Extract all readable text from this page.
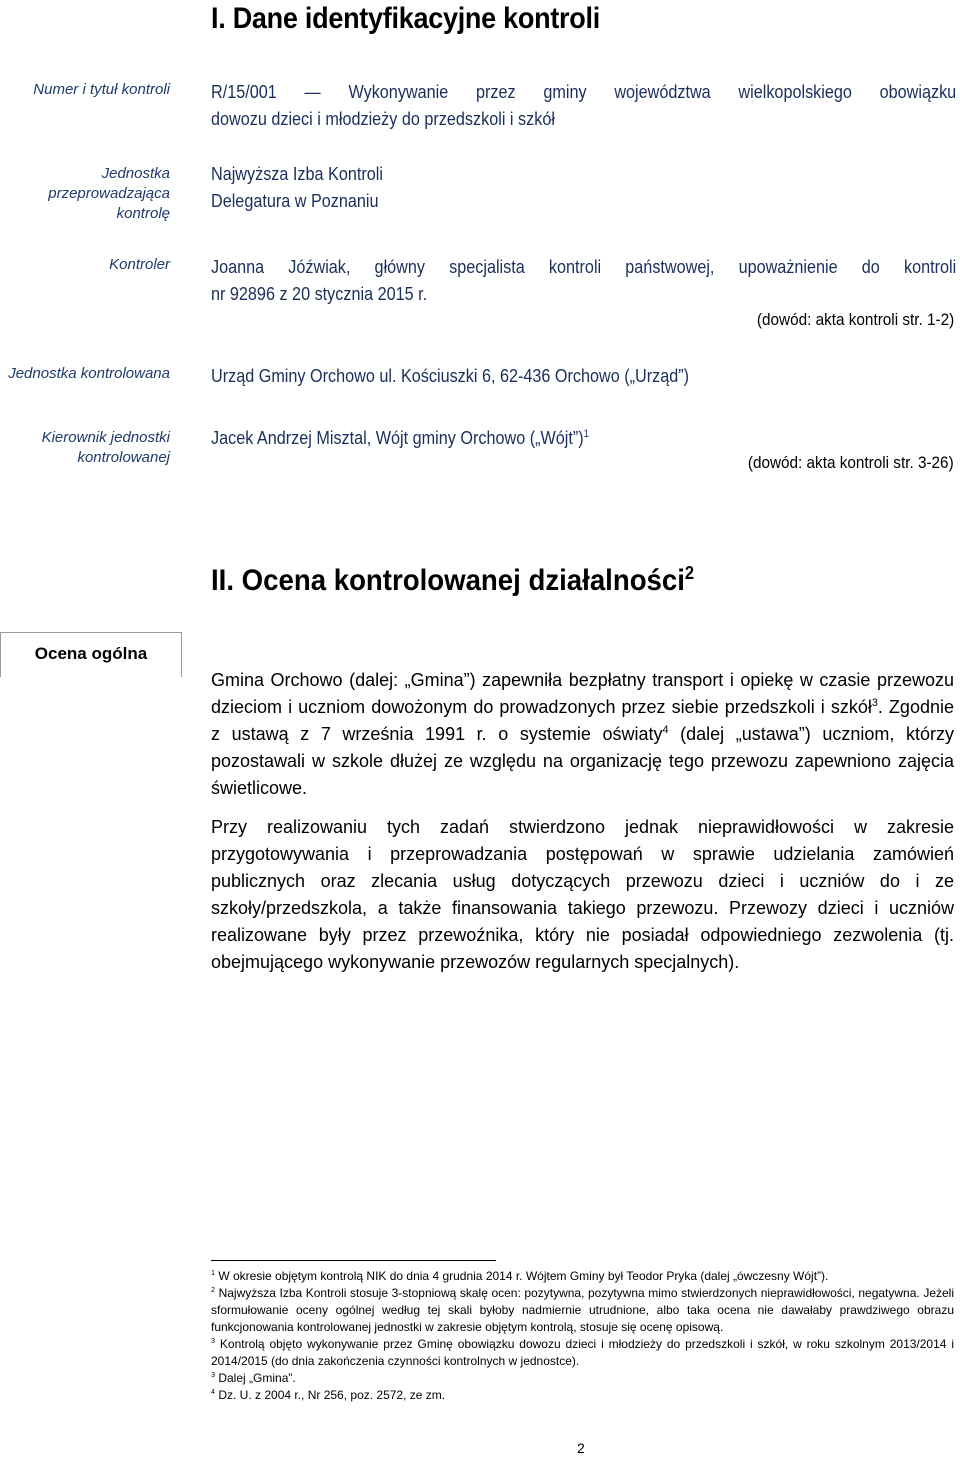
I. Dane identyfikacyjne kontroli
Numer i tytuł kontroli R/15/001 — Wykonywanie przez gminy województwa wielkopolskiego obowiązku
dowozu dzieci i młodzieży do przedszkoli i szkół
Jednostka przeprowadzająca kontrolę
Najwyższa Izba Kontroli
Delegatura w Poznaniu
Kontroler Joanna Jóźwiak, główny specjalista kontroli państwowej, upoważnienie do kontroli
nr 92896 z 20 stycznia 2015 r.
(dowód: akta kontroli str. 1-2)
Jednostka kontrolowana Urząd Gminy Orchowo ul. Kościuszki 6, 62-436 Orchowo („Urząd”)
Kierownik jednostki kontrolowanej
Jacek Andrzej Misztal, Wójt gminy Orchowo („Wójt”)$^1$
(dowód: akta kontroli str. 3-26)
II. Ocena kontrolowanej działalności$^2$
Ocena ogólna
Gmina Orchowo (dalej: „Gmina”) zapewniła bezpłatny transport i opiekę w czasie przewozu dzieciom i uczniom dowożonym do prowadzonych przez siebie przedszkoli i szkół$^3$. Zgodnie z ustawą z 7 września 1991 r. o systemie oświaty$^4$ (dalej „ustawa”) uczniom, którzy pozostawali w szkole dłużej ze względu na organizację tego przewozu zapewniono zajęcia świetlicowe.
Przy realizowaniu tych zadań stwierdzono jednak nieprawidłowości w zakresie przygotowywania i przeprowadzania postępowań w sprawie udzielania zamówień publicznych oraz zlecania usług dotyczących przewozu dzieci i uczniów do i ze szkoły/przedszkola, a także finansowania takiego przewozu. Przewozy dzieci i uczniów realizowane były przez przewoźnika, który nie posiadał odpowiedniego zezwolenia (tj. obejmującego wykonywanie przewozów regularnych specjalnych).
$^1$ W okresie objętym kontrolą NIK do dnia 4 grudnia 2014 r. Wójtem Gminy był Teodor Pryka (dalej „ówczesny Wójt”).
$^2$ Najwyższa Izba Kontroli stosuje 3-stopniową skalę ocen: pozytywna, pozytywna mimo stwierdzonych nieprawidłowości, negatywna. Jeżeli sformułowanie oceny ogólnej według tej skali byłoby nadmiernie utrudnione, albo taka ocena nie dawałaby prawdziwego obrazu funkcjonowania kontrolowanej jednostki w zakresie objętym kontrolą, stosuje się ocenę opisową.
$^3$ Kontrolą objęto wykonywanie przez Gminę obowiązku dowozu dzieci i młodzieży do przedszkoli i szkół, w roku szkolnym 2013/2014 i 2014/2015 (do dnia zakończenia czynności kontrolnych w jednostce).
$^3$ Dalej „Gmina”.
$^4$ Dz. U. z 2004 r., Nr 256, poz. 2572, ze zm.
2
